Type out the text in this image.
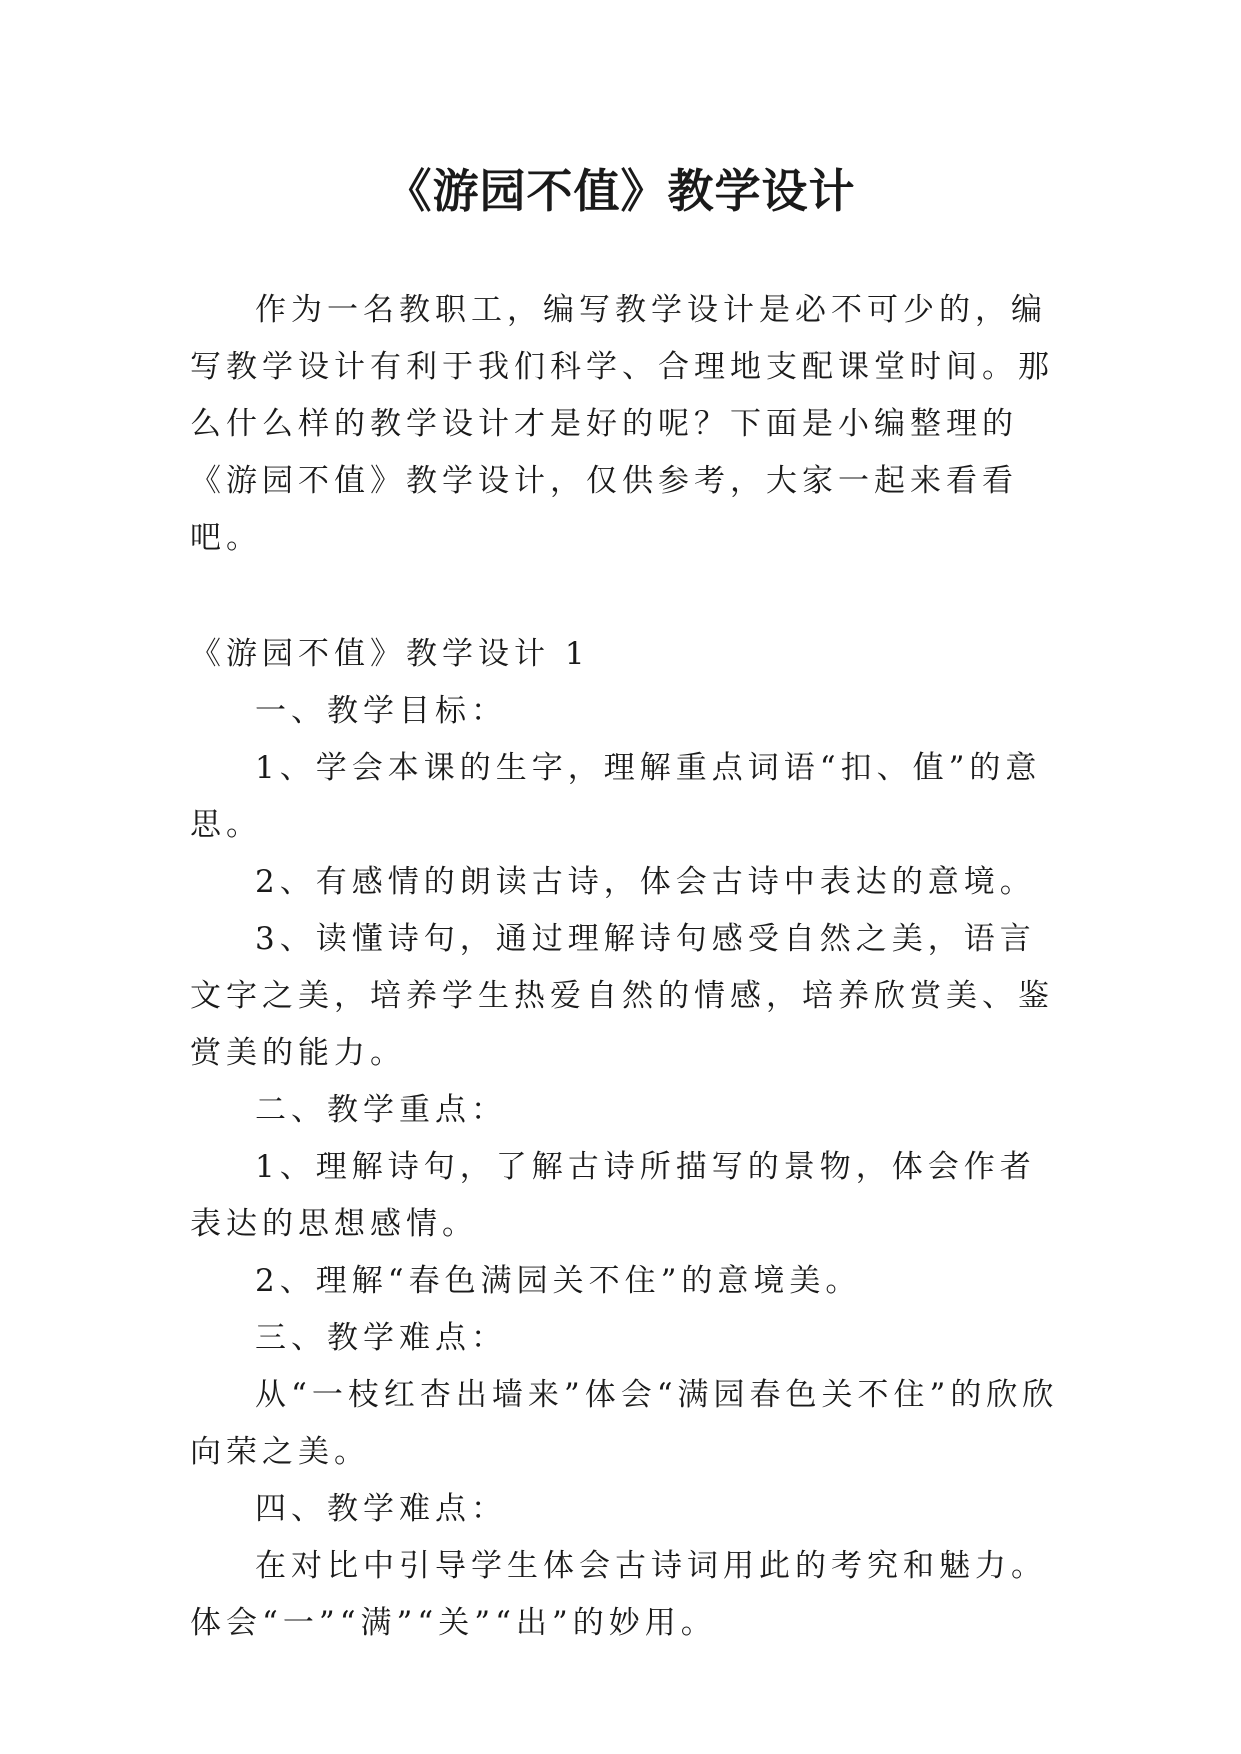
《游园不值》教学设计

作为一名教职工，编写教学设计是必不可少的，编写教学设计有利于我们科学、合理地支配课堂时间。那么什么样的教学设计才是好的呢？下面是小编整理的《游园不值》教学设计，仅供参考，大家一起来看看吧。

《游园不值》教学设计 1

一、教学目标：

1、学会本课的生字，理解重点词语“扣、值”的意思。

2、有感情的朗读古诗，体会古诗中表达的意境。

3、读懂诗句，通过理解诗句感受自然之美，语言文字之美，培养学生热爱自然的情感，培养欣赏美、鉴赏美的能力。

二、教学重点：

1、理解诗句，了解古诗所描写的景物，体会作者表达的思想感情。

2、理解“春色满园关不住”的意境美。

三、教学难点：

从“一枝红杏出墙来”体会“满园春色关不住”的欣欣向荣之美。

四、教学难点：

在对比中引导学生体会古诗词用此的考究和魅力。体会“一”“满”“关”“出”的妙用。
